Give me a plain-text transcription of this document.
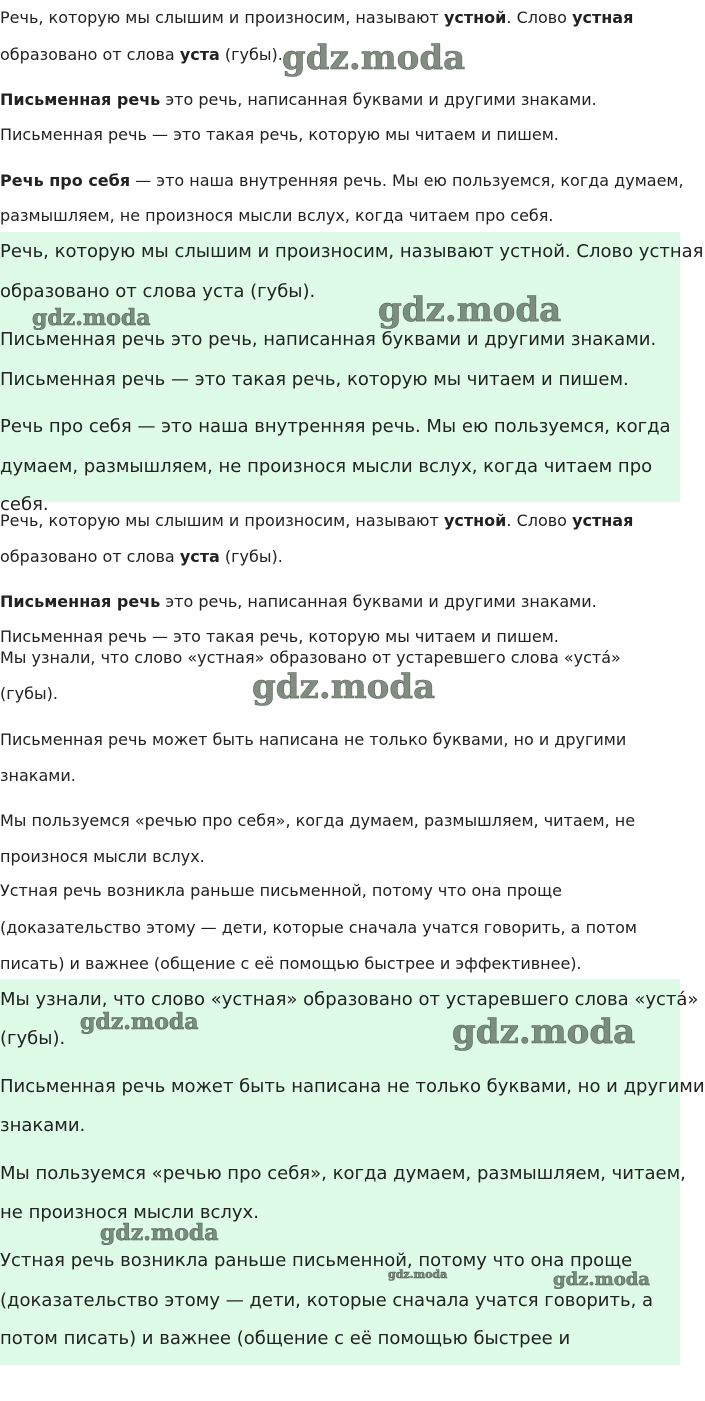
Речь, которую мы слышим и произносим, называют устной. Слово устная

образовано от слова уста (губы).

Письменная речь это речь, написанная буквами и другими знаками.

Письменная речь — это такая речь, которую мы читаем и пишем.

Речь про себя — это наша внутренняя речь. Мы ею пользуемся, когда думаем,

размышляем, не произнося мысли вслух, когда читаем про себя.

gdz.moda

Речь, которую мы слышим и произносим, называют устной. Слово устная

образовано от слова уста (губы).

Письменная речь это речь, написанная буквами и другими знаками.

Письменная речь — это такая речь, которую мы читаем и пишем.

Речь про себя — это наша внутренняя речь. Мы ею пользуемся, когда

думаем, размышляем, не произнося мысли вслух, когда читаем про

себя.

gdz.moda	gdz.moda

Речь, которую мы слышим и произносим, называют устной. Слово устная

образовано от слова уста (губы).

Письменная речь это речь, написанная буквами и другими знаками.

Письменная речь — это такая речь, которую мы читаем и пишем.

Мы узнали, что слово «устная» образовано от устаревшего слова «уста́»

(губы).

Письменная речь может быть написана не только буквами, но и другими

знаками.

Мы пользуемся «речью про себя», когда думаем, размышляем, читаем, не

произнося мысли вслух.

Устная речь возникла раньше письменной, потому что она проще

(доказательство этому — дети, которые сначала учатся говорить, а потом

писать) и важнее (общение с её помощью быстрее и эффективнее).

gdz.moda

Мы узнали, что слово «устная» образовано от устаревшего слова «уста́»

(губы).

Письменная речь может быть написана не только буквами, но и другими

знаками.

Мы пользуемся «речью про себя», когда думаем, размышляем, читаем,

не произнося мысли вслух.

Устная речь возникла раньше письменной, потому что она проще

(доказательство этому — дети, которые сначала учатся говорить, а

потом писать) и важнее (общение с её помощью быстрее и

gdz.moda	gdz.moda
gdz.moda
gdz.moda	gdz.moda
